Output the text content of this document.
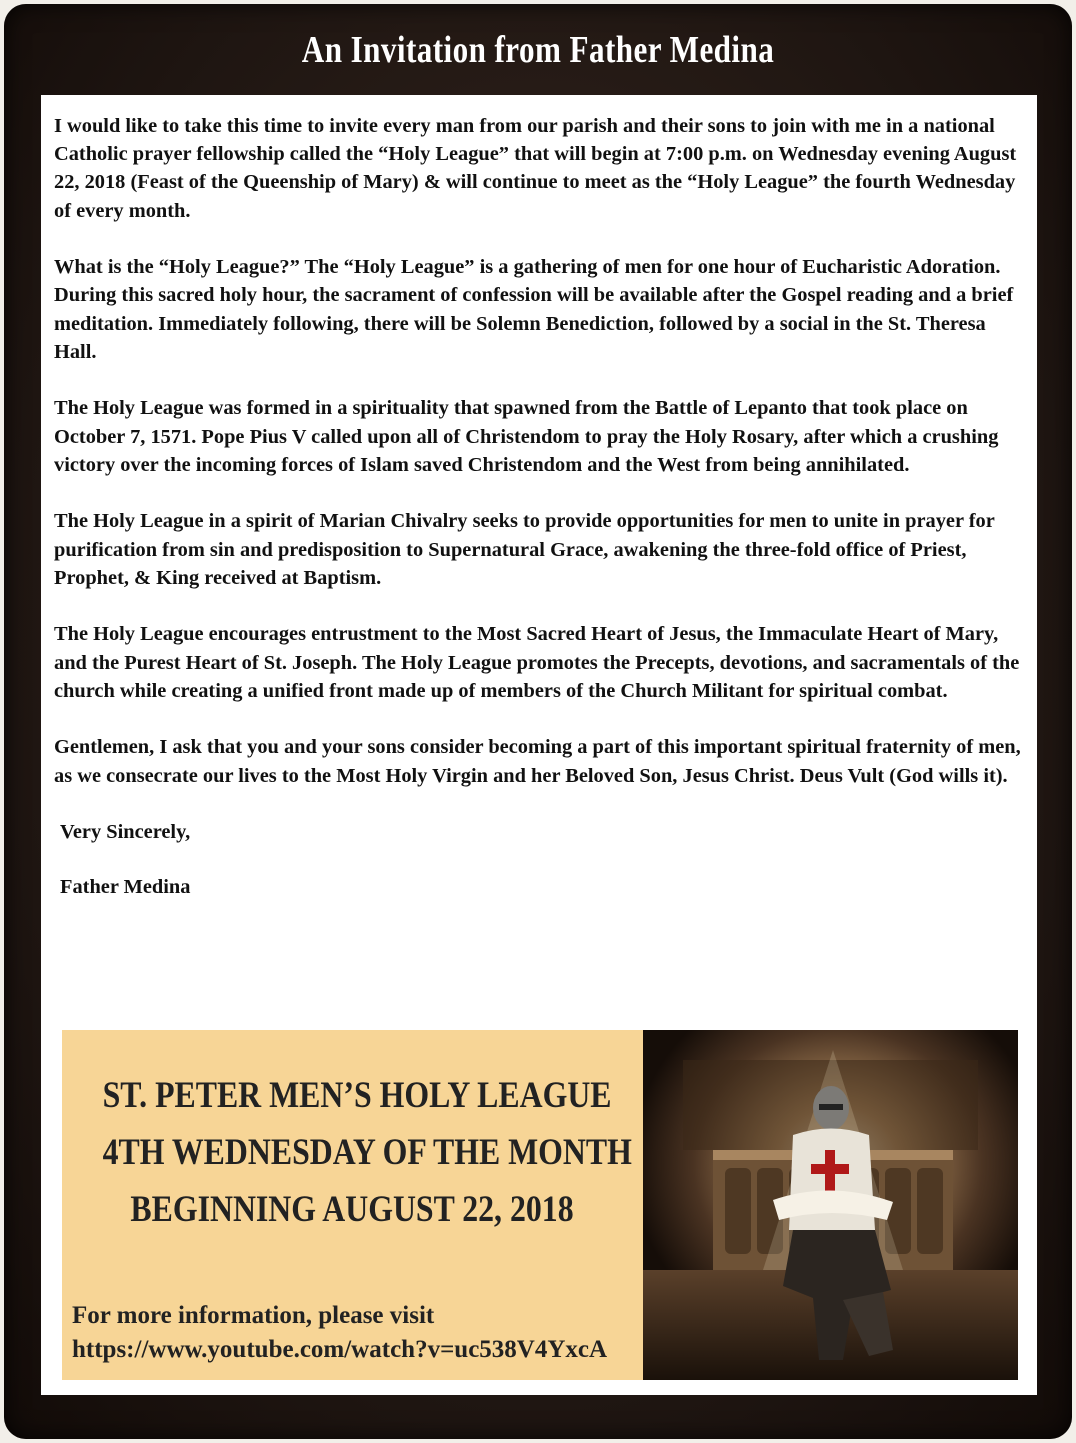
An Invitation from Father Medina

I would like to take this time to invite every man from our parish and their sons to join with me in a national Catholic prayer fellowship called the “Holy League” that will begin at 7:00 p.m. on Wednesday evening August 22, 2018 (Feast of the Queenship of Mary) & will continue to meet as the “Holy League” the fourth Wednesday of every month.

What is the “Holy League?” The “Holy League” is a gathering of men for one hour of Eucharistic Adoration. During this sacred holy hour, the sacrament of confession will be available after the Gospel reading and a brief meditation. Immediately following, there will be Solemn Benediction, followed by a social in the St. Theresa Hall.

The Holy League was formed in a spirituality that spawned from the Battle of Lepanto that took place on October 7, 1571. Pope Pius V called upon all of Christendom to pray the Holy Rosary, after which a crushing victory over the incoming forces of Islam saved Christendom and the West from being annihilated.

The Holy League in a spirit of Marian Chivalry seeks to provide opportunities for men to unite in prayer for purification from sin and predisposition to Supernatural Grace, awakening the three-fold office of Priest, Prophet, & King received at Baptism.

The Holy League encourages entrustment to the Most Sacred Heart of Jesus, the Immaculate Heart of Mary, and the Purest Heart of St. Joseph. The Holy League promotes the Precepts, devotions, and sacramentals of the church while creating a unified front made up of members of the Church Militant for spiritual combat.

Gentlemen, I ask that you and your sons consider becoming a part of this important spiritual fraternity of men, as we consecrate our lives to the Most Holy Virgin and her Beloved Son, Jesus Christ. Deus Vult (God wills it).

Very Sincerely,

Father Medina

ST. PETER MEN’S HOLY LEAGUE
4TH WEDNESDAY OF THE MONTH
BEGINNING AUGUST 22, 2018
For more information, please visit
https://www.youtube.com/watch?v=uc538V4YxcA
